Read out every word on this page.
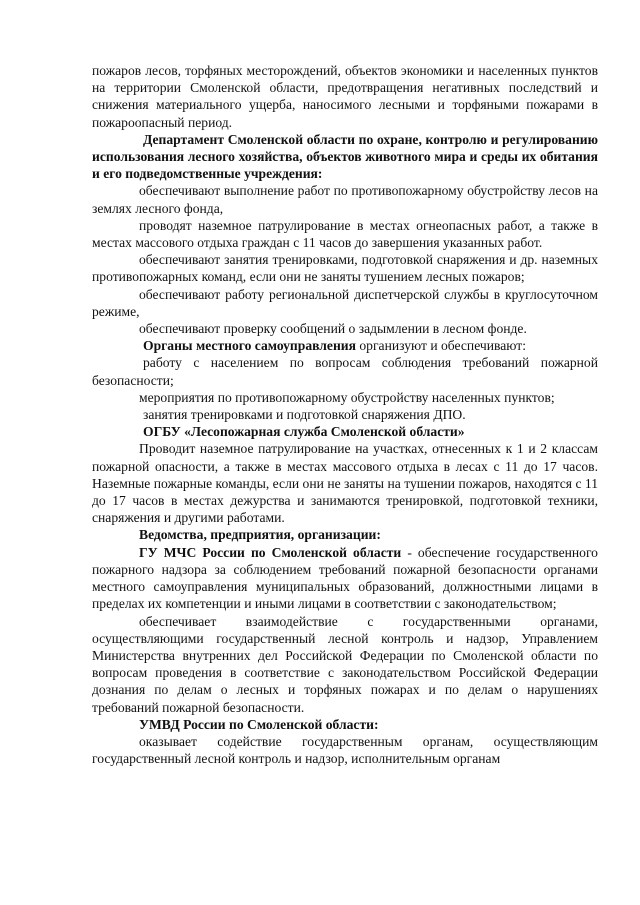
пожаров лесов, торфяных месторождений, объектов экономики и населенных пунктов на территории Смоленской области, предотвращения негативных последствий и снижения материального ущерба, наносимого лесными и торфяными пожарами в пожароопасный период.

Департамент Смоленской области по охране, контролю и регулированию использования лесного хозяйства, объектов животного мира и среды их обитания и его подведомственные учреждения:

обеспечивают выполнение работ по противопожарному обустройству лесов на землях лесного фонда,

проводят наземное патрулирование в местах огнеопасных работ, а также в местах массового отдыха граждан с 11 часов до завершения указанных работ.

обеспечивают занятия тренировками, подготовкой снаряжения и др. наземных противопожарных команд, если они не заняты тушением лесных пожаров;

обеспечивают работу региональной диспетчерской службы в круглосуточном режиме,

обеспечивают проверку сообщений о задымлении в лесном фонде.

Органы местного самоуправления организуют и обеспечивают:

работу с населением по вопросам соблюдения требований пожарной безопасности;

мероприятия по противопожарному обустройству населенных пунктов;

занятия тренировками и подготовкой снаряжения ДПО.

ОГБУ «Лесопожарная служба Смоленской области»

Проводит наземное патрулирование на участках, отнесенных к 1 и 2 классам пожарной опасности, а также в местах массового отдыха в лесах с 11 до 17 часов. Наземные пожарные команды, если они не заняты на тушении пожаров, находятся с 11 до 17 часов в местах дежурства и занимаются тренировкой, подготовкой техники, снаряжения и другими работами.

Ведомства, предприятия, организации:

ГУ МЧС России по Смоленской области - обеспечение государственного пожарного надзора за соблюдением требований пожарной безопасности органами местного самоуправления муниципальных образований, должностными лицами в пределах их компетенции и иными лицами в соответствии с законодательством;

обеспечивает взаимодействие с государственными органами, осуществляющими государственный лесной контроль и надзор, Управлением Министерства внутренних дел Российской Федерации по Смоленской области по вопросам проведения в соответствие с законодательством Российской Федерации дознания по делам о лесных и торфяных пожарах и по делам о нарушениях требований пожарной безопасности.

УМВД России по Смоленской области:

оказывает содействие государственным органам, осуществляющим государственный лесной контроль и надзор, исполнительным органам
